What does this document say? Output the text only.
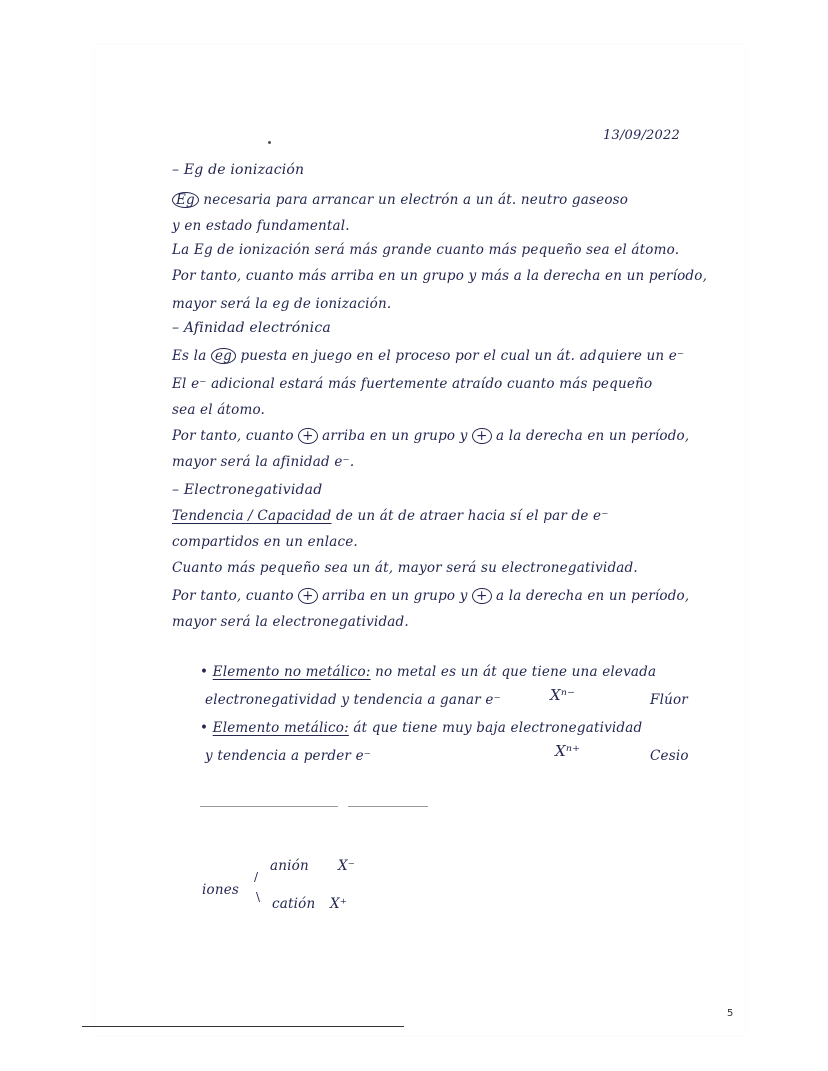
13/09/2022
– Eg de ionización
Eg necesaria para arrancar un electrón a un át. neutro gaseoso
y en estado fundamental.
La Eg de ionización será más grande cuanto más pequeño sea el átomo.
Por tanto, cuanto más arriba en un grupo y más a la derecha en un período,
mayor será la eg de ionización.
– Afinidad electrónica
Es la eg puesta en juego en el proceso por el cual un át. adquiere un e⁻
El e⁻ adicional estará más fuertemente atraído cuanto más pequeño
sea el átomo.
Por tanto, cuanto + arriba en un grupo y + a la derecha en un período,
mayor será la afinidad e⁻.
– Electronegatividad
Tendencia / Capacidad de un át de atraer hacia sí el par de e⁻
compartidos en un enlace.
Cuanto más pequeño sea un át, mayor será su electronegatividad.
Por tanto, cuanto + arriba en un grupo y + a la derecha en un período,
mayor será la electronegatividad.
• Elemento no metálico: no metal es un át que tiene una elevada
electronegatividad y tendencia a ganar e⁻	Xⁿ⁻	Flúor
• Elemento metálico: át que tiene muy baja electronegatividad
y tendencia a perder e⁻	Xⁿ⁺	Cesio
iones
/
\
anión X⁻
catión X⁺
5
